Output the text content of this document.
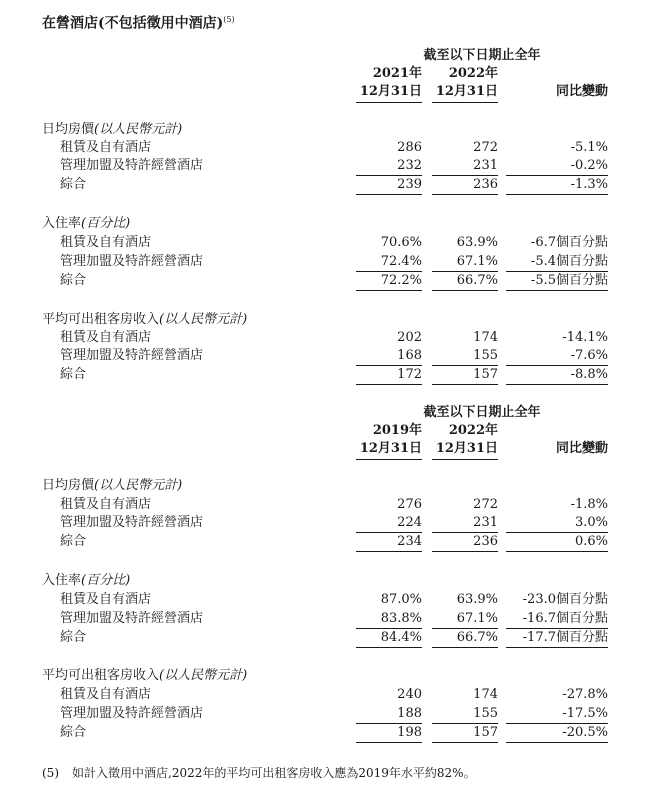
在營酒店(不包括徵用中酒店)$^{(5)}$
截至以下日期止全年
2021年	2022年
12月31日 12月31日	同比變動
日均房價(以人民幣元計)
租賃及自有酒店	286	272	-5.1%
管理加盟及特許經營酒店	232	231	-0.2%
綜合	239	236	-1.3%
入住率(百分比)
租賃及自有酒店	70.6%	63.9%	-6.7個百分點
管理加盟及特許經營酒店	72.4%	67.1%	-5.4個百分點
綜合	72.2%	66.7%	-5.5個百分點
平均可出租客房收入(以人民幣元計)
租賃及自有酒店	202	174	-14.1%
管理加盟及特許經營酒店	168	155	-7.6%
綜合	172	157	-8.8%
截至以下日期止全年
2019年	2022年
12月31日 12月31日	同比變動
日均房價(以人民幣元計)
租賃及自有酒店	276	272	-1.8%
管理加盟及特許經營酒店	224	231	3.0%
綜合	234	236	0.6%
入住率(百分比)
租賃及自有酒店	87.0%	63.9%	-23.0個百分點
管理加盟及特許經營酒店	83.8%	67.1%	-16.7個百分點
綜合	84.4%	66.7%	-17.7個百分點
平均可出租客房收入(以人民幣元計)
租賃及自有酒店	240	174	-27.8%
管理加盟及特許經營酒店	188	155	-17.5%
綜合	198	157	-20.5%
(5) 如計入徵用中酒店,2022年的平均可出租客房收入應為2019年水平約82%。
